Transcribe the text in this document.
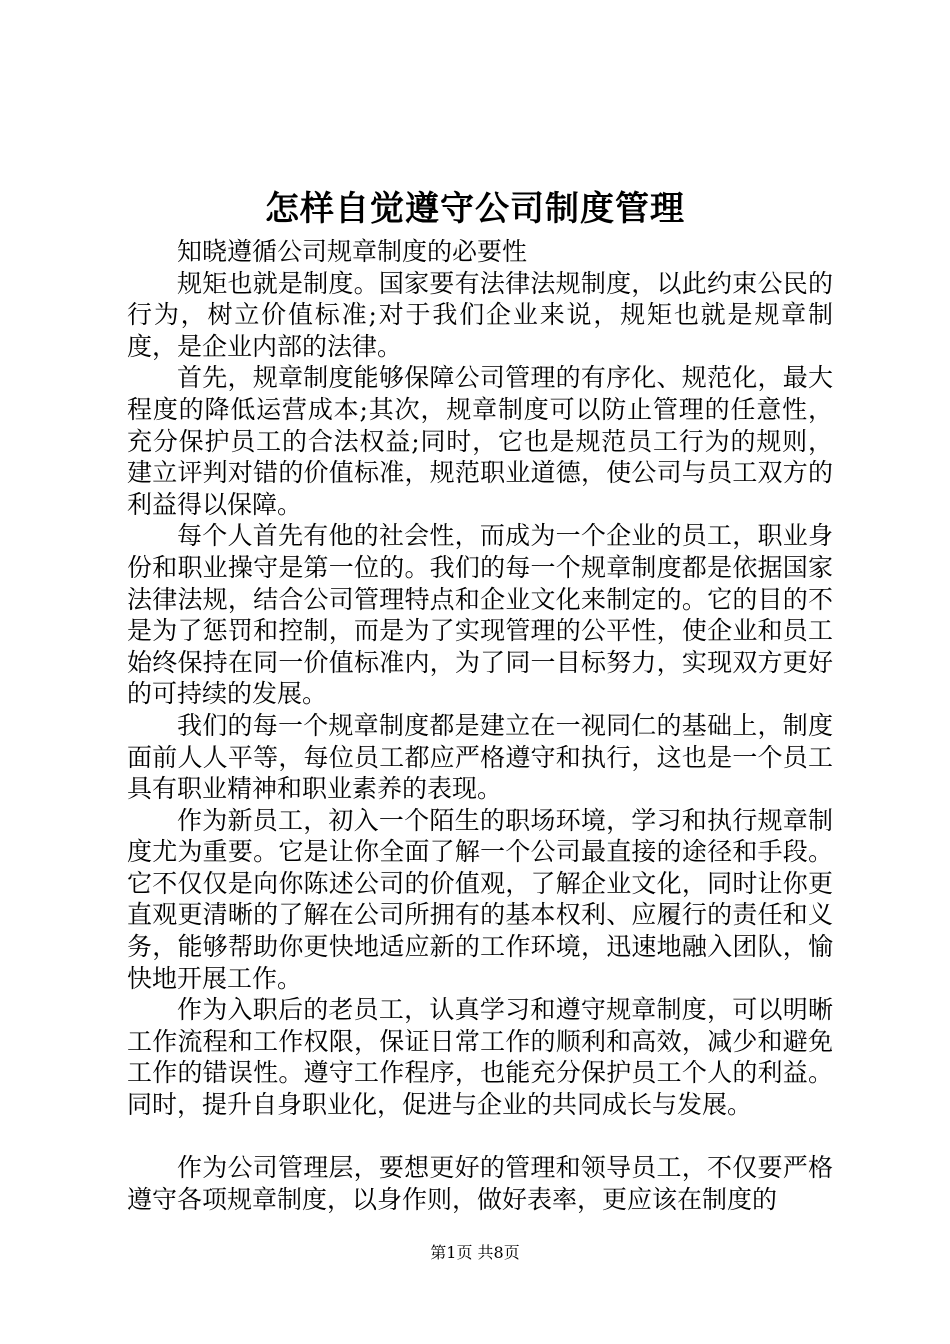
怎样自觉遵守公司制度管理

知晓遵循公司规章制度的必要性

规矩也就是制度。国家要有法律法规制度，以此约束公民的行为，树立价值标准;对于我们企业来说，规矩也就是规章制度，是企业内部的法律。

首先，规章制度能够保障公司管理的有序化、规范化，最大程度的降低运营成本;其次，规章制度可以防止管理的任意性，充分保护员工的合法权益;同时，它也是规范员工行为的规则，建立评判对错的价值标准，规范职业道德，使公司与员工双方的利益得以保障。

每个人首先有他的社会性，而成为一个企业的员工，职业身份和职业操守是第一位的。我们的每一个规章制度都是依据国家法律法规，结合公司管理特点和企业文化来制定的。它的目的不是为了惩罚和控制，而是为了实现管理的公平性，使企业和员工始终保持在同一价值标准内，为了同一目标努力，实现双方更好的可持续的发展。

我们的每一个规章制度都是建立在一视同仁的基础上，制度面前人人平等，每位员工都应严格遵守和执行，这也是一个员工具有职业精神和职业素养的表现。

作为新员工，初入一个陌生的职场环境，学习和执行规章制度尤为重要。它是让你全面了解一个公司最直接的途径和手段。它不仅仅是向你陈述公司的价值观，了解企业文化，同时让你更直观更清晰的了解在公司所拥有的基本权利、应履行的责任和义务，能够帮助你更快地适应新的工作环境，迅速地融入团队，愉快地开展工作。

作为入职后的老员工，认真学习和遵守规章制度，可以明晰工作流程和工作权限，保证日常工作的顺利和高效，减少和避免工作的错误性。遵守工作程序，也能充分保护员工个人的利益。同时，提升自身职业化，促进与企业的共同成长与发展。

作为公司管理层，要想更好的管理和领导员工，不仅要严格遵守各项规章制度，以身作则，做好表率，更应该在制度的

第1页 共8页
